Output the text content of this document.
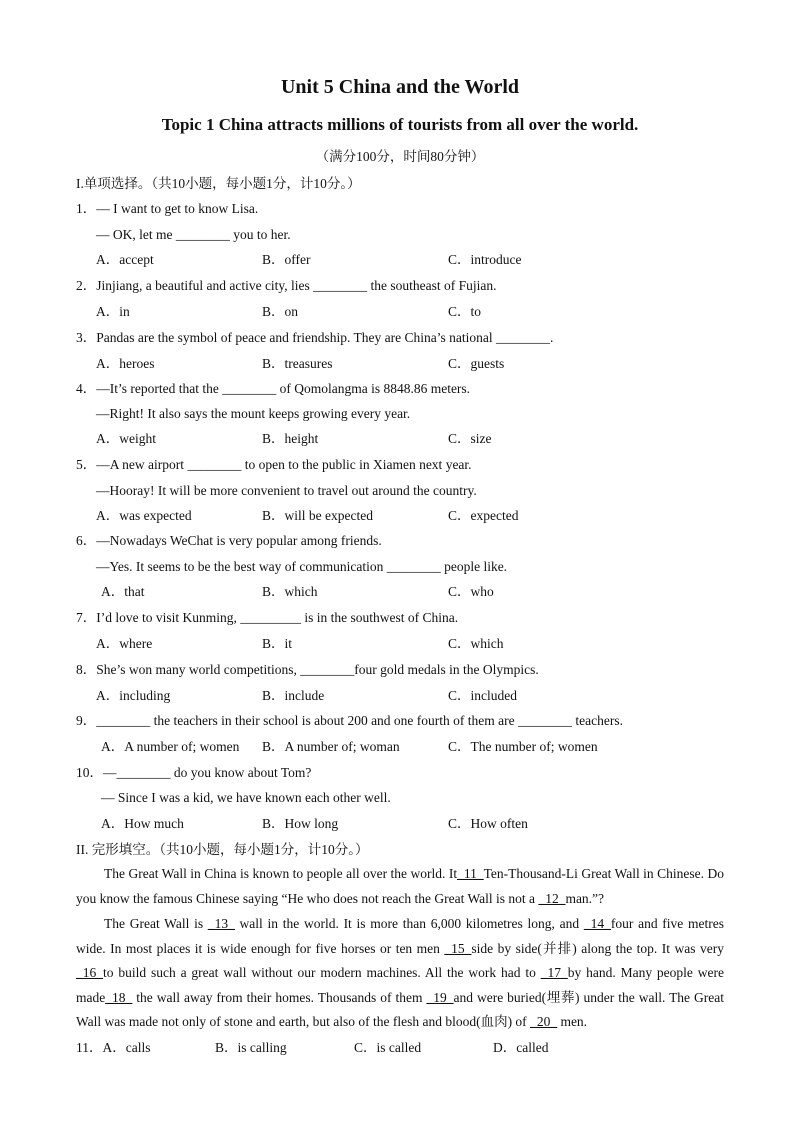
Unit 5 China and the World
Topic 1 China attracts millions of tourists from all over the world.
（满分100分，时间80分钟）
I.单项选择。（共10小题，每小题1分，计10分。）
1．— I want to get to know Lisa.
— OK, let me ________ you to her.
A．accept	B．offer	C．introduce
2．Jinjiang, a beautiful and active city, lies ________ the southeast of Fujian.
A．in	B．on	C．to
3．Pandas are the symbol of peace and friendship. They are China’s national ________.
A．heroes	B．treasures	C．guests
4．—It’s reported that the ________ of Qomolangma is 8848.86 meters.
—Right! It also says the mount keeps growing every year.
A．weight	B．height	C．size
5．—A new airport ________ to open to the public in Xiamen next year.
—Hooray! It will be more convenient to travel out around the country.
A．was expected	B．will be expected	C．expected
6．—Nowadays WeChat is very popular among friends.
—Yes. It seems to be the best way of communication ________ people like.
A．that	B．which	C．who
7．I’d love to visit Kunming, _________ is in the southwest of China.
A．where	B．it	C．which
8．She’s won many world competitions, ________four gold medals in the Olympics.
A．including	B．include	C．included
9．________ the teachers in their school is about 200 and one fourth of them are ________ teachers.
A．A number of; women B．A number of; woman	C．The number of; women
10．—________ do you know about Tom?
— Since I was a kid, we have known each other well.
A．How much	B．How long	C．How often
II. 完形填空。（共10小题，每小题1分，计10分。）
The Great Wall in China is known to people all over the world. It_11_Ten-Thousand-Li Great Wall in Chinese. Do you know the famous Chinese saying “He who does not reach the Great Wall is not a _12_man.”?
The Great Wall is _13_ wall in the world. It is more than 6,000 kilometres long, and _14_four and five metres wide. In most places it is wide enough for five horses or ten men _15_side by side(并排) along the top. It was very _16_to build such a great wall without our modern machines. All the work had to _17_by hand. Many people were made_18_ the wall away from their homes. Thousands of them _19_and were buried(埋葬) under the wall. The Great Wall was made not only of stone and earth, but also of the flesh and blood(血肉) of _20_ men.
11．A．calls	B．is calling	C．is called	D．called
